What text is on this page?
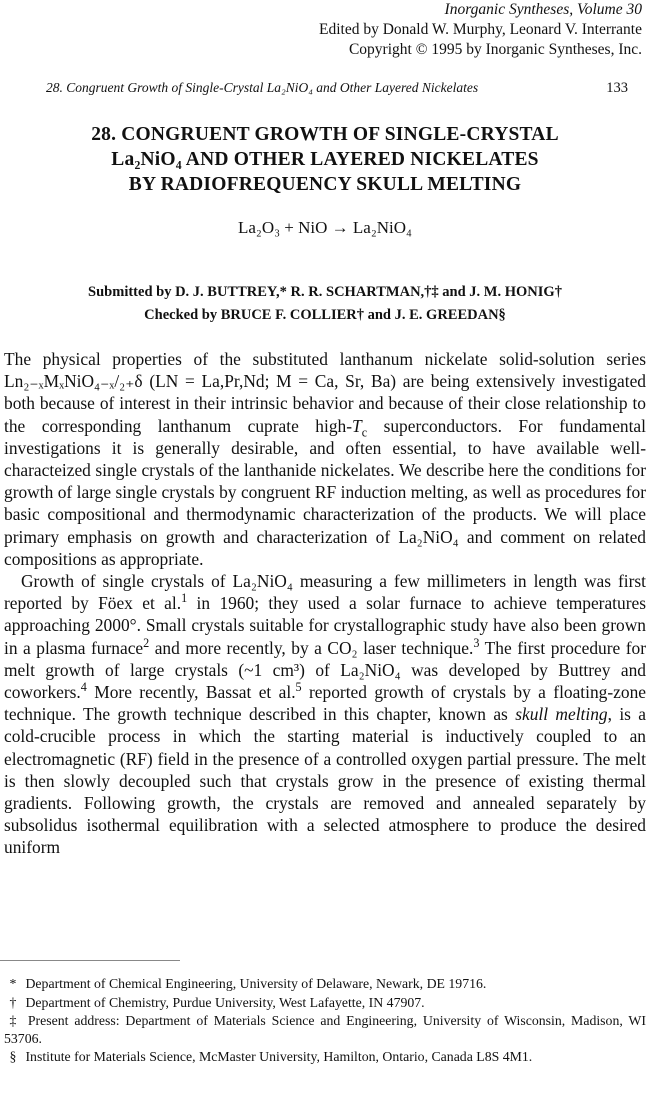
Inorganic Syntheses, Volume 30
Edited by Donald W. Murphy, Leonard V. Interrante
Copyright © 1995 by Inorganic Syntheses, Inc.
28. Congruent Growth of Single-Crystal La₂NiO₄ and Other Layered Nickelates	133
28. CONGRUENT GROWTH OF SINGLE-CRYSTAL
La₂NiO₄ AND OTHER LAYERED NICKELATES
BY RADIOFREQUENCY SKULL MELTING
La₂O₃ + NiO → La₂NiO₄
Submitted by D. J. BUTTREY,* R. R. SCHARTMAN,†‡ and J. M. HONIG†
Checked by BRUCE F. COLLIER† and J. E. GREEDAN§

The physical properties of the substituted lanthanum nickelate solid-solution series Ln₂₋ₓMₓNiO₄₋ₓ/₂₊δ (LN = La,Pr,Nd; M = Ca, Sr, Ba) are being extensively investigated both because of interest in their intrinsic behavior and because of their close relationship to the corresponding lanthanum cuprate high-$T_c$ superconductors. For fundamental investigations it is generally desirable, and often essential, to have available well-characteized single crystals of the lanthanide nickelates. We describe here the conditions for growth of large single crystals by congruent RF induction melting, as well as procedures for basic compositional and thermodynamic characterization of the products. We will place primary emphasis on growth and characterization of La₂NiO₄ and comment on related compositions as appropriate.

Growth of single crystals of La₂NiO₄ measuring a few millimeters in length was first reported by Föex et al.$^1$ in 1960; they used a solar furnace to achieve temperatures approaching 2000°. Small crystals suitable for crystallographic study have also been grown in a plasma furnace$^2$ and more recently, by a CO₂ laser technique.$^3$ The first procedure for melt growth of large crystals (~1 cm³) of La₂NiO₄ was developed by Buttrey and coworkers.$^4$ More recently, Bassat et al.$^5$ reported growth of crystals by a floating-zone technique. The growth technique described in this chapter, known as skull melting, is a cold-crucible process in which the starting material is inductively coupled to an electromagnetic (RF) field in the presence of a controlled oxygen partial pressure. The melt is then slowly decoupled such that crystals grow in the presence of existing thermal gradients. Following growth, the crystals are removed and annealed separately by subsolidus isothermal equilibration with a selected atmosphere to produce the desired uniform

* Department of Chemical Engineering, University of Delaware, Newark, DE 19716.

† Department of Chemistry, Purdue University, West Lafayette, IN 47907.

‡ Present address: Department of Materials Science and Engineering, University of Wisconsin, Madison, WI 53706.

§ Institute for Materials Science, McMaster University, Hamilton, Ontario, Canada L8S 4M1.
